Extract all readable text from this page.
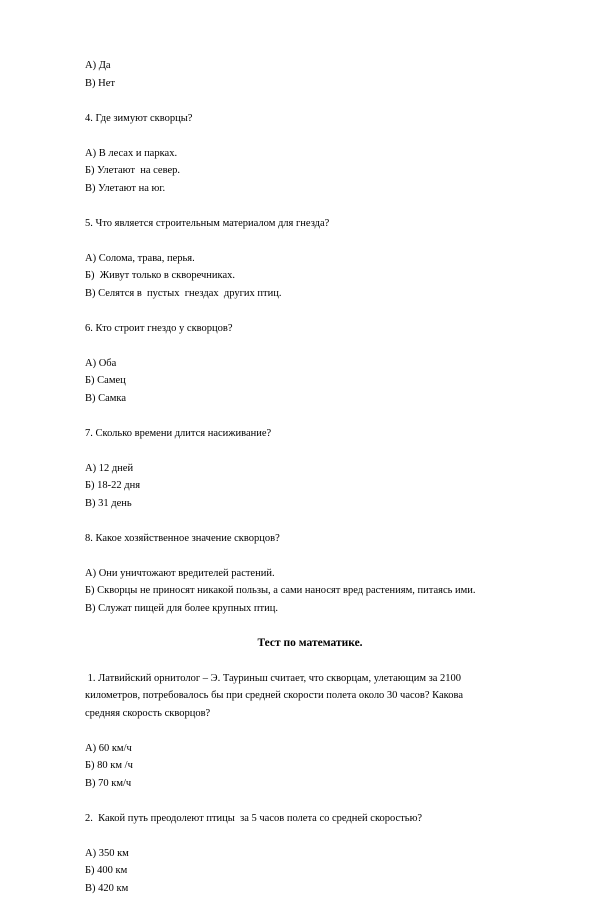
А) Да

В) Нет

4. Где зимуют скворцы?

А) В лесах и парках.

Б) Улетают  на север.

В) Улетают на юг.

5. Что является строительным материалом для гнезда?

А) Солома, трава, перья.

Б)  Живут только в скворечниках.

В) Селятся в  пустых  гнездах  других птиц.

6. Кто строит гнездо у скворцов?

А) Оба

Б) Самец

В) Самка

7. Сколько времени длится насиживание?

А) 12 дней

Б) 18-22 дня

В) 31 день

8. Какое хозяйственное значение скворцов?

А) Они уничтожают вредителей растений.

Б) Скворцы не приносят никакой пользы, а сами наносят вред растениям, питаясь ими.

В) Служат пищей для более крупных птиц.

Тест по математике.

1. Латвийский орнитолог – Э. Тауриньш считает, что скворцам, улетающим за 2100

километров, потребовалось бы при средней скорости полета около 30 часов? Какова

средняя скорость скворцов?

А) 60 км/ч

Б) 80 км /ч

В) 70 км/ч

2.  Какой путь преодолеют птицы  за 5 часов полета со средней скоростью?

А) 350 км

Б) 400 км

В) 420 км
